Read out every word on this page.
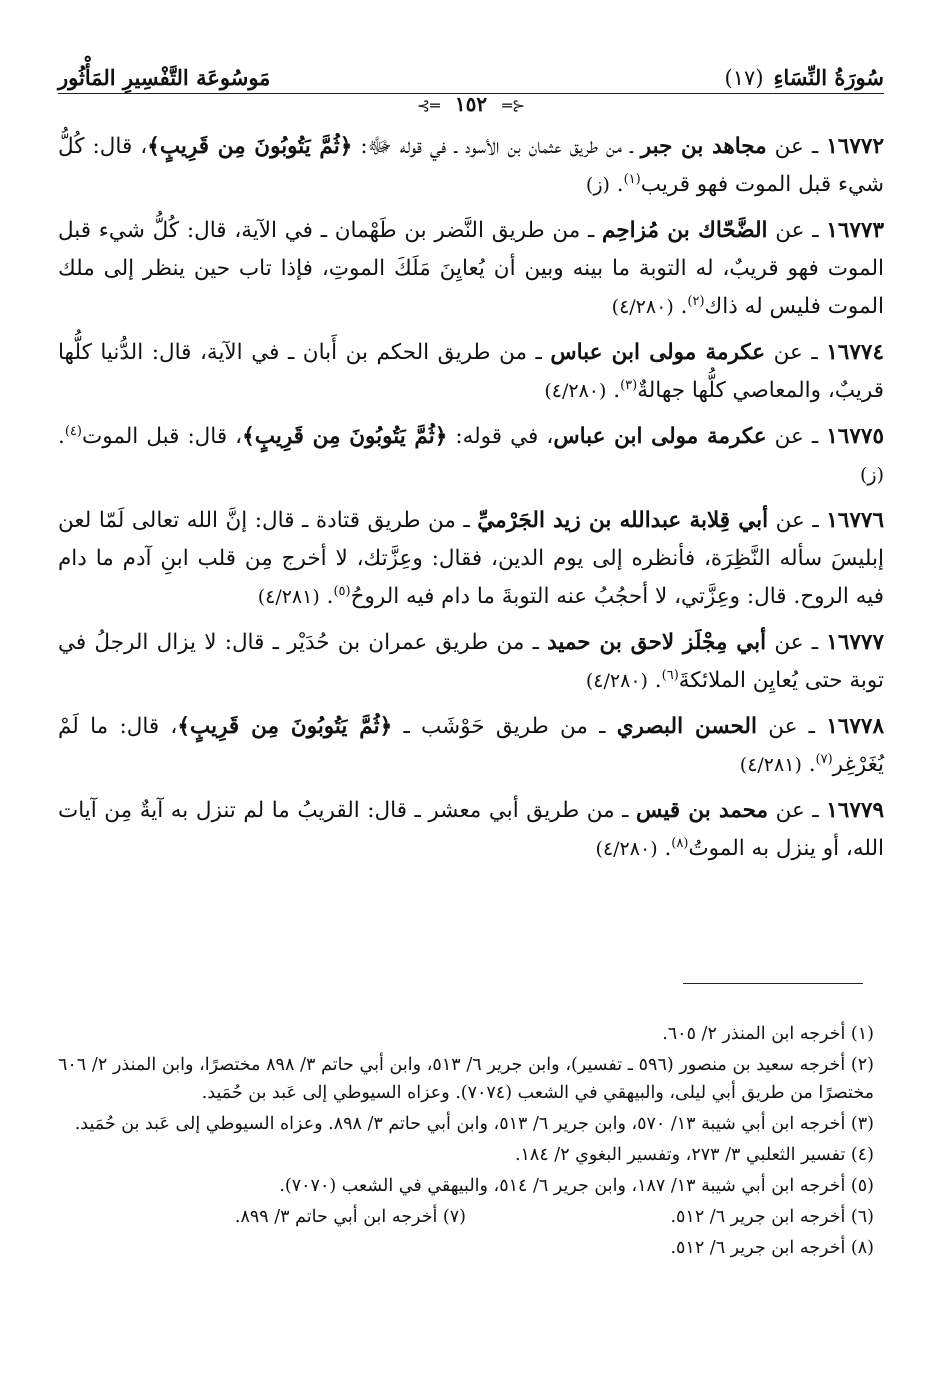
سُورَةُ النِّسَاءِ
(١٧)
مَوسُوعَة التَّفْسِيرِ المَأْثُور
⊰═ ١٥٢ ═⊱
١٦٧٧٢ ـ عن مجاهد بن جبر ـ من طريق عثمان بن الأسود ـ في قوله ﷻ: ﴿ثُمَّ يَتُوبُونَ مِن قَرِيبٍ﴾، قال: كُلُّ شيء قبل الموت فهو قريب$^{(١)}$. (ز)
١٦٧٧٣ ـ عن الضَّحّاك بن مُزاحِم ـ من طريق النَّضر بن طَهْمان ـ في الآية، قال: كُلُّ شيء قبل الموت فهو قريبٌ، له التوبة ما بينه وبين أن يُعايِنَ مَلَكَ الموتِ، فإذا تاب حين ينظر إلى ملك الموت فليس له ذاك$^{(٢)}$. (٤/٢٨٠)
١٦٧٧٤ ـ عن عكرمة مولى ابن عباس ـ من طريق الحكم بن أَبان ـ في الآية، قال: الدُّنيا كلُّها قريبٌ، والمعاصي كلُّها جهالةٌ$^{(٣)}$. (٤/٢٨٠)
١٦٧٧٥ ـ عن عكرمة مولى ابن عباس، في قوله: ﴿ثُمَّ يَتُوبُونَ مِن قَرِيبٍ﴾، قال: قبل الموت$^{(٤)}$. (ز)
١٦٧٧٦ ـ عن أبي قِلابة عبدالله بن زيد الجَرْميِّ ـ من طريق قتادة ـ قال: إنَّ الله تعالى لَمّا لعن إبليسَ سأله النَّظِرَة، فأنظره إلى يوم الدين، فقال: وعِزَّتك، لا أخرج مِن قلب ابنِ آدم ما دام فيه الروح. قال: وعِزَّتي، لا أحجُبُ عنه التوبةَ ما دام فيه الروحُ$^{(٥)}$. (٤/٢٨١)
١٦٧٧٧ ـ عن أبي مِجْلَز لاحق بن حميد ـ من طريق عمران بن حُدَيْر ـ قال: لا يزال الرجلُ في توبة حتى يُعايِن الملائكةَ$^{(٦)}$. (٤/٢٨٠)
١٦٧٧٨ ـ عن الحسن البصري ـ من طريق حَوْشَب ـ ﴿ثُمَّ يَتُوبُونَ مِن قَرِيبٍ﴾، قال: ما لَمْ يُغَرْغِر$^{(٧)}$. (٤/٢٨١)
١٦٧٧٩ ـ عن محمد بن قيس ـ من طريق أبي معشر ـ قال: القريبُ ما لم تنزل به آيةٌ مِن آيات الله، أو ينزل به الموتُ$^{(٨)}$. (٤/٢٨٠)
(١) أخرجه ابن المنذر ٢/ ٦٠٥.
(٢) أخرجه سعيد بن منصور (٥٩٦ ـ تفسير)، وابن جرير ٦/ ٥١٣، وابن أبي حاتم ٣/ ٨٩٨ مختصرًا، وابن المنذر ٢/ ٦٠٦ مختصرًا من طريق أبي ليلى، والبيهقي في الشعب (٧٠٧٤). وعزاه السيوطي إلى عَبد بن حُمَيد.
(٣) أخرجه ابن أبي شيبة ١٣/ ٥٧٠، وابن جرير ٦/ ٥١٣، وابن أبي حاتم ٣/ ٨٩٨. وعزاه السيوطي إلى عَبد بن حُمَيد.
(٤) تفسير الثعلبي ٣/ ٢٧٣، وتفسير البغوي ٢/ ١٨٤.
(٥) أخرجه ابن أبي شيبة ١٣/ ١٨٧، وابن جرير ٦/ ٥١٤، والبيهقي في الشعب (٧٠٧٠).
(٦) أخرجه ابن جرير ٦/ ٥١٢.
(٧) أخرجه ابن أبي حاتم ٣/ ٨٩٩.
(٨) أخرجه ابن جرير ٦/ ٥١٢.
